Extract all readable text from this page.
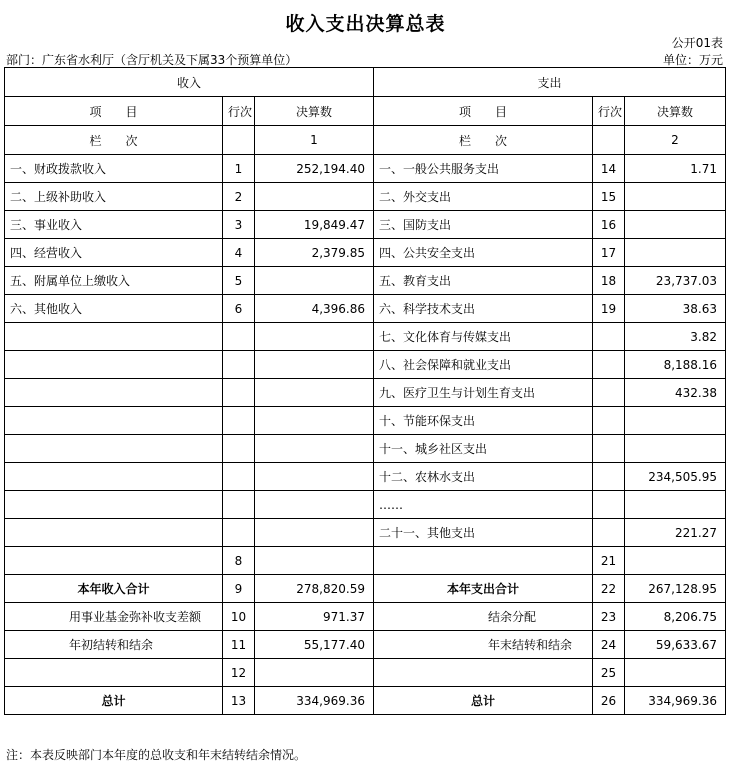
收入支出决算总表
公开01表
部门：广东省水利厅（含厅机关及下属33个预算单位）	单位：万元
收入			支出		
项　　目	行次	决算数	项　　目	行次	决算数
栏　　次		1	栏　　次		2
一、财政拨款收入	1	252,194.40	一、一般公共服务支出	14	1.71
二、上级补助收入	2		二、外交支出	15	
三、事业收入	3	19,849.47	三、国防支出	16	
四、经营收入	4	2,379.85	四、公共安全支出	17	
五、附属单位上缴收入	5		五、教育支出	18	23,737.03
六、其他收入	6	4,396.86	六、科学技术支出	19	38.63
			七、文化体育与传媒支出		3.82
			八、社会保障和就业支出		8,188.16
			九、医疗卫生与计划生育支出		432.38
			十、节能环保支出		
			十一、城乡社区支出		
			十二、农林水支出		234,505.95
			……		
			二十一、其他支出		221.27
	8			21	
本年收入合计	9	278,820.59	本年支出合计	22	267,128.95
用事业基金弥补收支差额	10	971.37	结余分配	23	8,206.75
年初结转和结余	11	55,177.40	年末结转和结余	24	59,633.67
	12			25	
总计	13	334,969.36	总计	26	334,969.36
注：本表反映部门本年度的总收支和年末结转结余情况。
